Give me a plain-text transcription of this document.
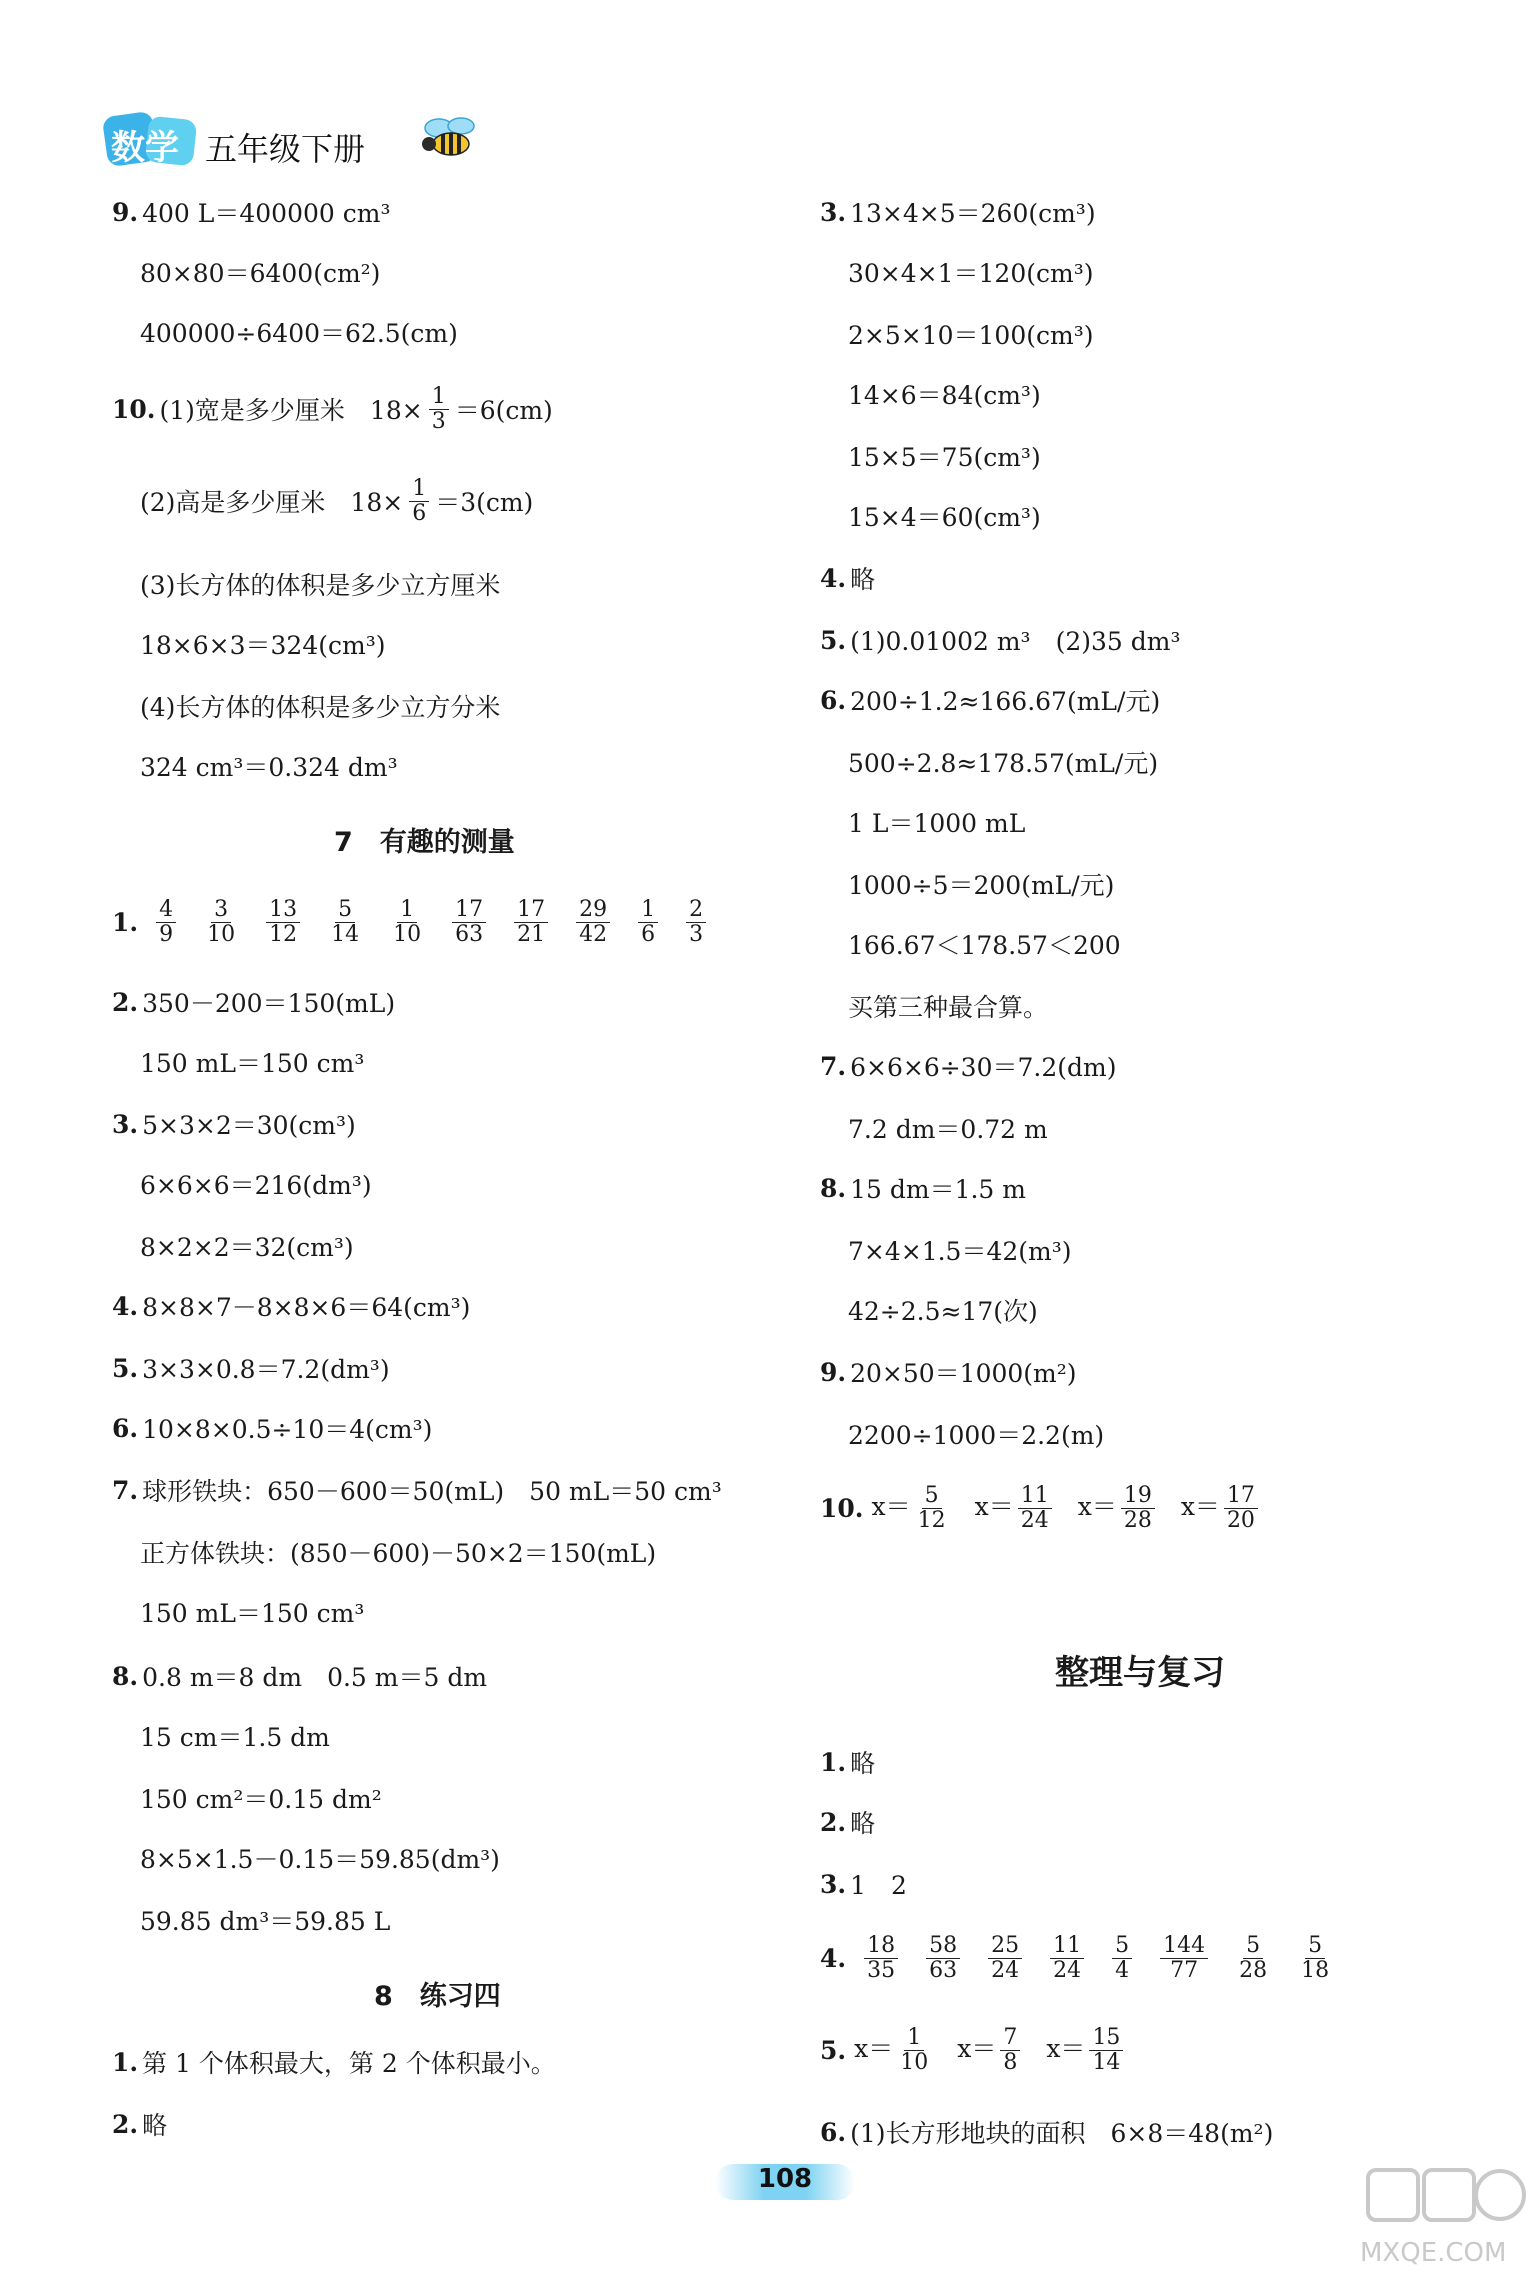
数学 五年级下册
9. 400 L＝400000 cm³
80×80＝6400(cm²)
400000÷6400＝62.5(cm)
10. (1)宽是多少厘米　$18\times \frac{1}{3} =6(cm)$
(2)高是多少厘米　$18\times \frac{1}{6} =3(cm)$
(3)长方体的体积是多少立方厘米
18×6×3＝324(cm³)
(4)长方体的体积是多少立方分米
324 cm³＝0.324 dm³
7　有趣的测量
1. $\frac{4}{9} \frac{3}{10} \frac{13}{12} \frac{5}{14} \frac{1}{10} \frac{17}{63} \frac{17}{21} \frac{29}{42} \frac{1}{6} \frac{2}{3}$
2. 350－200＝150(mL)
150 mL＝150 cm³
3. 5×3×2＝30(cm³)
6×6×6＝216(dm³)
8×2×2＝32(cm³)
4. 8×8×7－8×8×6＝64(cm³)
5. 3×3×0.8＝7.2(dm³)
6. 10×8×0.5÷10＝4(cm³)
7. 球形铁块：650－600＝50(mL)　50 mL＝50 cm³
正方体铁块：(850－600)－50×2＝150(mL)
150 mL＝150 cm³
8. 0.8 m＝8 dm　0.5 m＝5 dm
15 cm＝1.5 dm
150 cm²＝0.15 dm²
8×5×1.5－0.15＝59.85(dm³)
59.85 dm³＝59.85 L
8　练习四
1. 第 1 个体积最大，第 2 个体积最小。
2. 略
3. 13×4×5＝260(cm³)
30×4×1＝120(cm³)
2×5×10＝100(cm³)
14×6＝84(cm³)
15×5＝75(cm³)
15×4＝60(cm³)
4. 略
5. (1)0.01002 m³　(2)35 dm³
6. 200÷1.2≈166.67(mL/元)
500÷2.8≈178.57(mL/元)
1 L＝1000 mL
1000÷5＝200(mL/元)
166.67＜178.57＜200
买第三种最合算。
7. 6×6×6÷30＝7.2(dm)
7.2 dm＝0.72 m
8. 15 dm＝1.5 m
7×4×1.5＝42(m³)
42÷2.5≈17(次)
9. 20×50＝1000(m²)
2200÷1000＝2.2(m)
10. $x= \frac{5}{12} x= \frac{11}{24} x= \frac{19}{28} x= \frac{17}{20}$
整理与复习
1. 略
2. 略
3. 1　2
4. $\frac{18}{35} \frac{58}{63} \frac{25}{24} \frac{11}{24} \frac{5}{4} \frac{144}{77} \frac{5}{28} \frac{5}{18}$
5. $x= \frac{1}{10} x= \frac{7}{8} x= \frac{15}{14}$
6. (1)长方形地块的面积　6×8＝48(m²)
108
MXQE.COM
